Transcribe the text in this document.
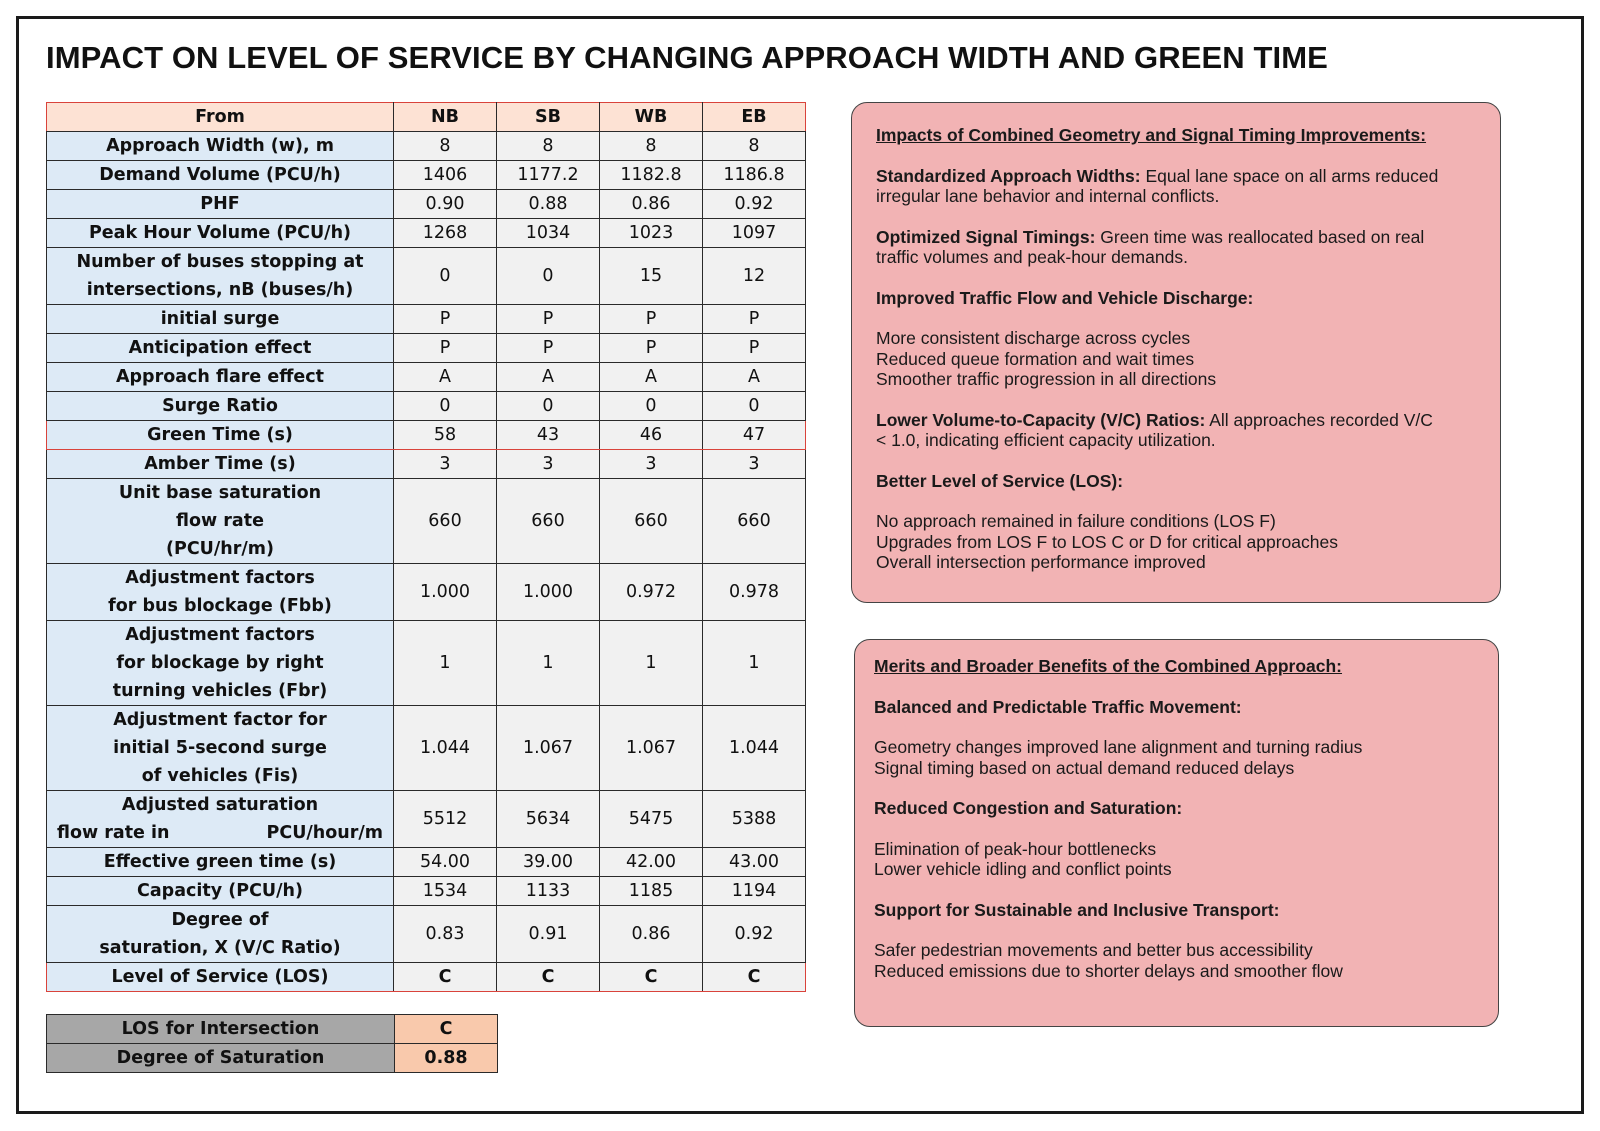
IMPACT ON LEVEL OF SERVICE BY CHANGING APPROACH WIDTH AND GREEN TIME
From	NB	SB	WB	EB

Approach Width (w), m	8	8	8	8

Demand Volume (PCU/h)	1406	1177.2	1182.8	1186.8

PHF	0.90	0.88	0.86	0.92

Peak Hour Volume (PCU/h)	1268	1034	1023	1097

Number of buses stopping at
intersections, nB (buses/h)	0	0	15	12

initial surge	P	P	P	P

Anticipation effect	P	P	P	P

Approach flare effect	A	A	A	A

Surge Ratio	0	0	0	0

Green Time (s)	58	43	46	47

Amber Time (s)	3	3	3	3

Unit base saturation
flow rate
(PCU/hr/m)	660	660	660	660

Adjustment factors
for bus blockage (Fbb)	1.000	1.000	0.972	0.978

Adjustment factors
for blockage by right
turning vehicles (Fbr)	1	1	1	1

Adjustment factor for
initial 5-second surge
of vehicles (Fis)	1.044	1.067	1.067	1.044

Adjusted saturation
flow rate in PCU/hour/m	5512	5634	5475	5388

Effective green time (s)	54.00	39.00	42.00	43.00

Capacity (PCU/h)	1534	1133	1185	1194

Degree of
saturation, X (V/C Ratio)	0.83	0.91	0.86	0.92

Level of Service (LOS)	C	C	C	C
LOS for Intersection	C
Degree of Saturation	0.88
Impacts of Combined Geometry and Signal Timing Improvements:
Standardized Approach Widths: Equal lane space on all arms reduced
irregular lane behavior and internal conflicts.
Optimized Signal Timings: Green time was reallocated based on real
traffic volumes and peak-hour demands.
Improved Traffic Flow and Vehicle Discharge:
More consistent discharge across cycles
Reduced queue formation and wait times
Smoother traffic progression in all directions
Lower Volume-to-Capacity (V/C) Ratios: All approaches recorded V/C
< 1.0, indicating efficient capacity utilization.
Better Level of Service (LOS):
No approach remained in failure conditions (LOS F)
Upgrades from LOS F to LOS C or D for critical approaches
Overall intersection performance improved
Merits and Broader Benefits of the Combined Approach:
Balanced and Predictable Traffic Movement:
Geometry changes improved lane alignment and turning radius
Signal timing based on actual demand reduced delays
Reduced Congestion and Saturation:
Elimination of peak-hour bottlenecks
Lower vehicle idling and conflict points
Support for Sustainable and Inclusive Transport:
Safer pedestrian movements and better bus accessibility
Reduced emissions due to shorter delays and smoother flow
